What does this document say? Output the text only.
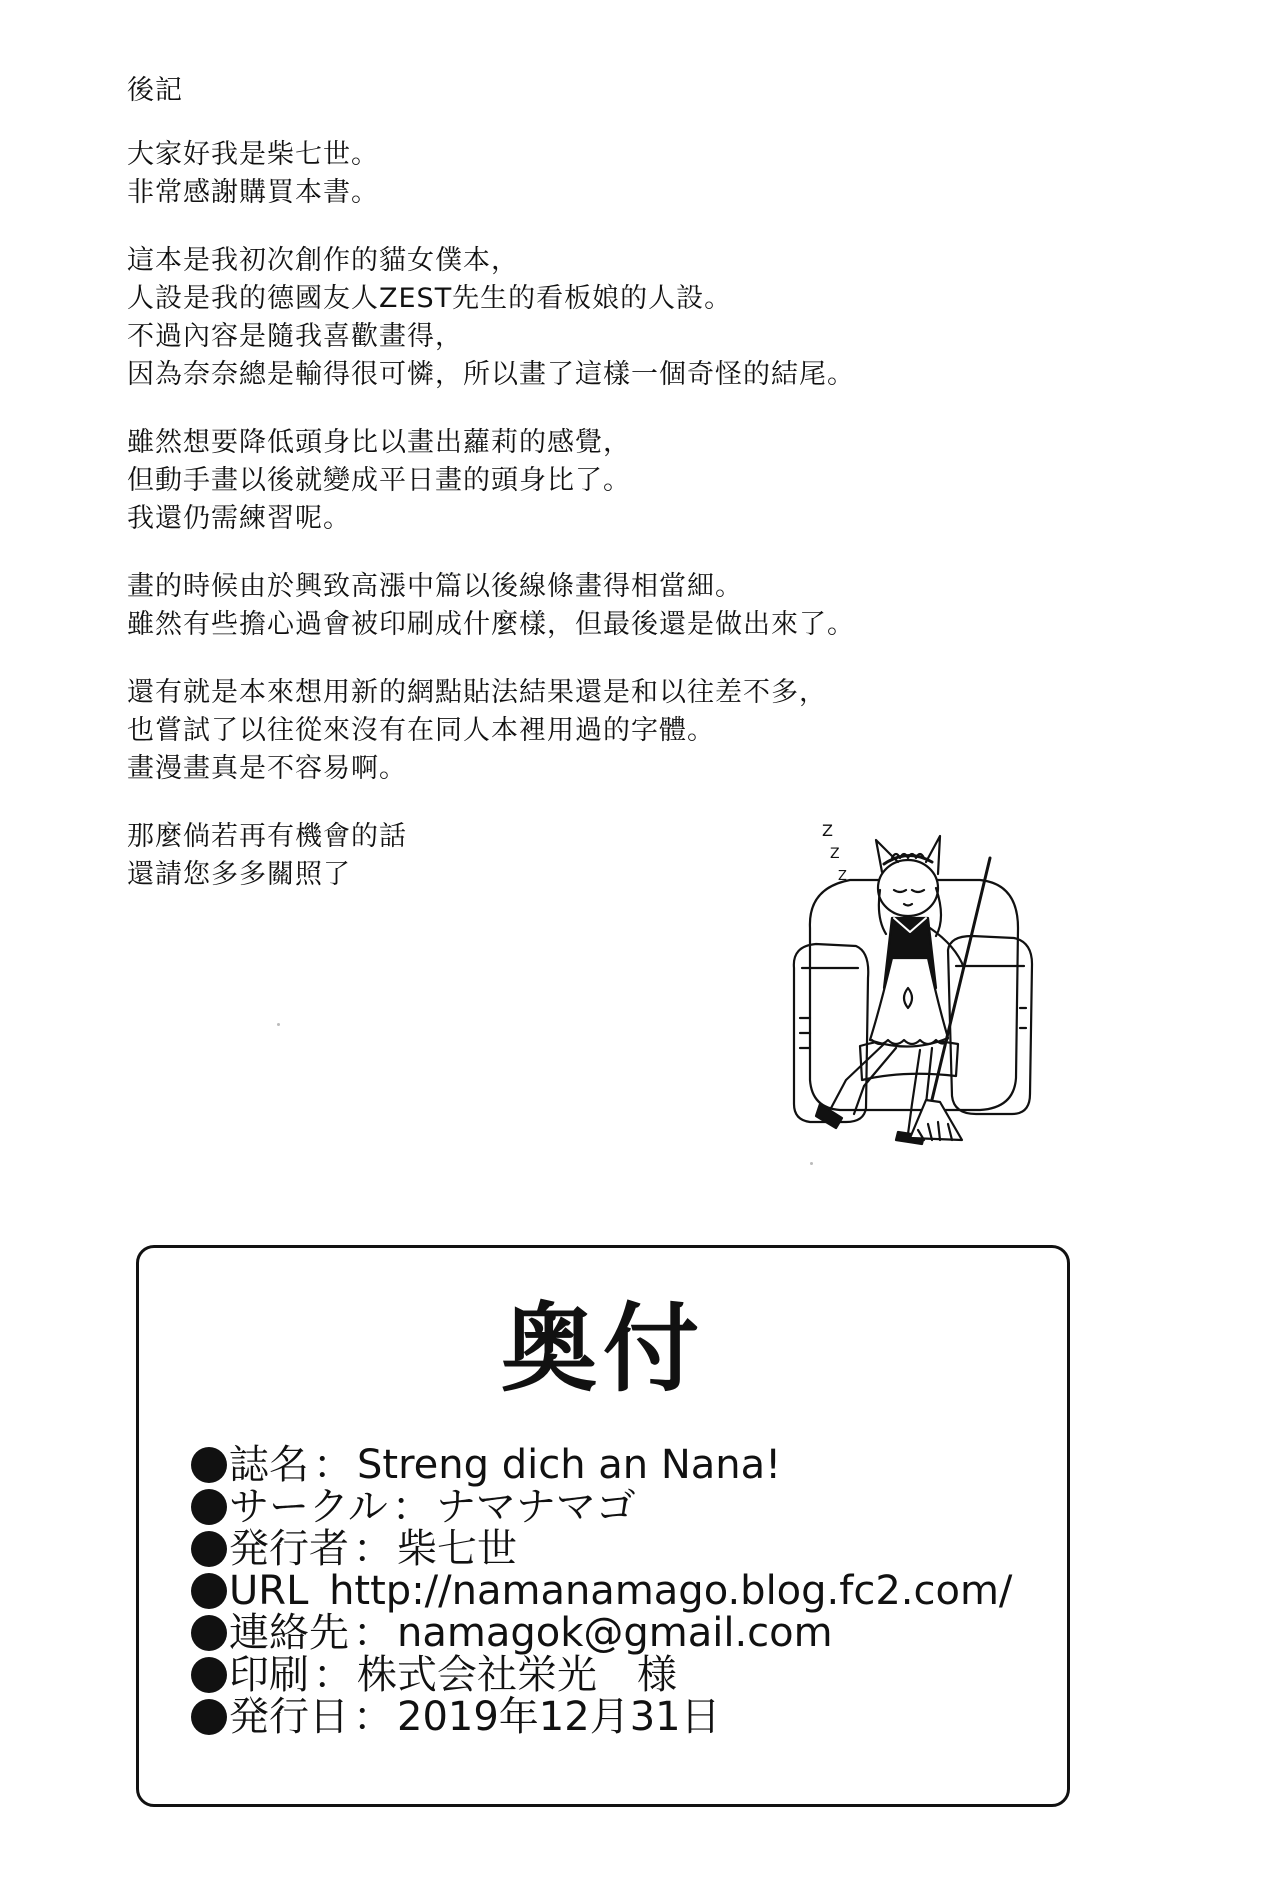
後記
大家好我是柴七世。
非常感謝購買本書。
這本是我初次創作的貓女僕本，
人設是我的德國友人ZEST先生的看板娘的人設。
不過內容是隨我喜歡畫得，
因為奈奈總是輸得很可憐，所以畫了這樣一個奇怪的結尾。
雖然想要降低頭身比以畫出蘿莉的感覺，
但動手畫以後就變成平日畫的頭身比了。
我還仍需練習呢。
畫的時候由於興致高漲中篇以後線條畫得相當細。
雖然有些擔心過會被印刷成什麼樣，但最後還是做出來了。
還有就是本來想用新的網點貼法結果還是和以往差不多，
也嘗試了以往從來沒有在同人本裡用過的字體。
畫漫畫真是不容易啊。
那麼倘若再有機會的話
還請您多多關照了
Z
Z
Z
奥付
誌名 ： Streng dich an Nana!
サークル ： ナマナマゴ
発行者 ： 柴七世
URL http://namanamago.blog.fc2.com/
連絡先 ： namagok@gmail.com
印刷 ： 株式会社栄光　様
発行日 ： 2019年12月31日
